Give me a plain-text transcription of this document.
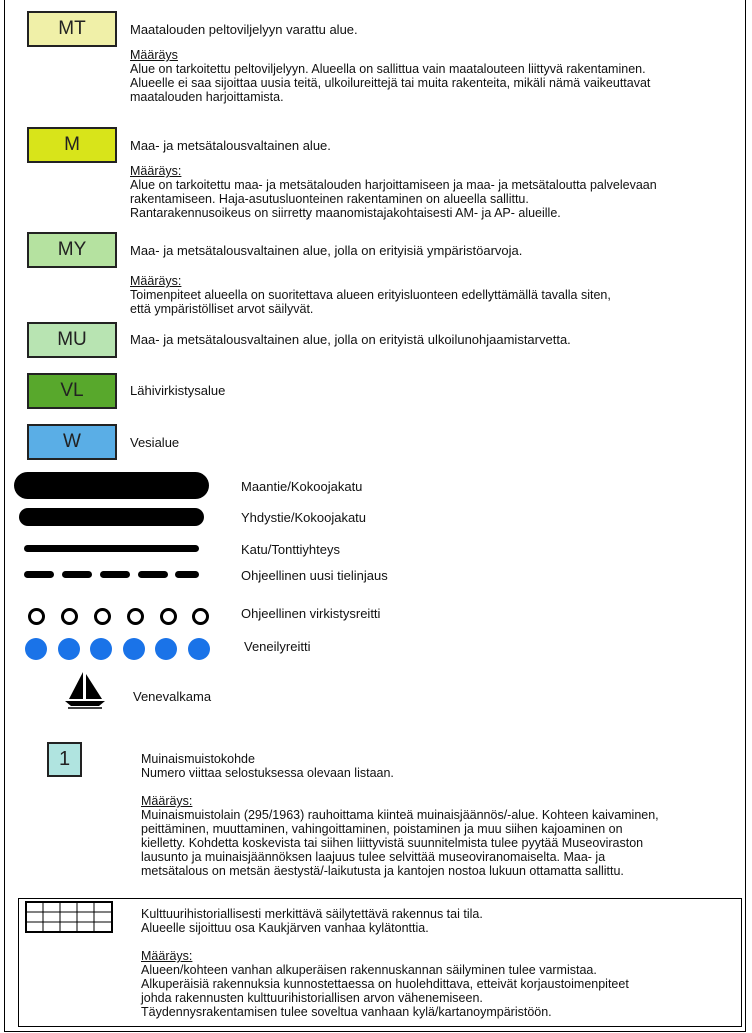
MT	Maatalouden peltoviljelyyn varattu alue.
Määräys
Alue on tarkoitettu peltoviljelyyn. Alueella on sallittua vain maatalouteen liittyvä rakentaminen.
Alueelle ei saa sijoittaa uusia teitä, ulkoilureittejä tai muita rakenteita, mikäli nämä vaikeuttavat
maatalouden harjoittamista.
M	Maa- ja metsätalousvaltainen alue.
Määräys:
Alue on tarkoitettu maa- ja metsätalouden harjoittamiseen ja maa- ja metsätaloutta palvelevaan
rakentamiseen. Haja-asutusluonteinen rakentaminen on alueella sallittu.
Rantarakennusoikeus on siirretty maanomistajakohtaisesti AM- ja AP- alueille.
MY	Maa- ja metsätalousvaltainen alue, jolla on erityisiä ympäristöarvoja.
Määräys:
Toimenpiteet alueella on suoritettava alueen erityisluonteen edellyttämällä tavalla siten,
että ympäristölliset arvot säilyvät.
MU	Maa- ja metsätalousvaltainen alue, jolla on erityistä ulkoilunohjaamistarvetta.
VL	Lähivirkistysalue
W	Vesialue
Maantie/Kokoojakatu
Yhdystie/Kokoojakatu
Katu/Tonttiyhteys
Ohjeellinen uusi tielinjaus
Ohjeellinen virkistysreitti
Veneilyreitti
Venevalkama
1	Muinaismuistokohde
Numero viittaa selostuksessa olevaan listaan.

Määräys:
Muinaismuistolain (295/1963) rauhoittama kiinteä muinaisjäännös/-alue. Kohteen kaivaminen,
peittäminen, muuttaminen, vahingoittaminen, poistaminen ja muu siihen kajoaminen on
kielletty. Kohdetta koskevista tai siihen liittyvistä suunnitelmista tulee pyytää Museoviraston
lausunto ja muinaisjäännöksen laajuus tulee selvittää museoviranomaiselta. Maa- ja
metsätalous on metsän äestystä/-laikutusta ja kantojen nostoa lukuun ottamatta sallittu.
Kulttuurihistoriallisesti merkittävä säilytettävä rakennus tai tila.
Alueelle sijoittuu osa Kaukjärven vanhaa kylätonttia.

Määräys:
Alueen/kohteen vanhan alkuperäisen rakennuskannan säilyminen tulee varmistaa.
Alkuperäisiä rakennuksia kunnostettaessa on huolehdittava, etteivät korjaustoimenpiteet
johda rakennusten kulttuurihistoriallisen arvon vähenemiseen.
Täydennysrakentamisen tulee soveltua vanhaan kylä/kartanoympäristöön.
